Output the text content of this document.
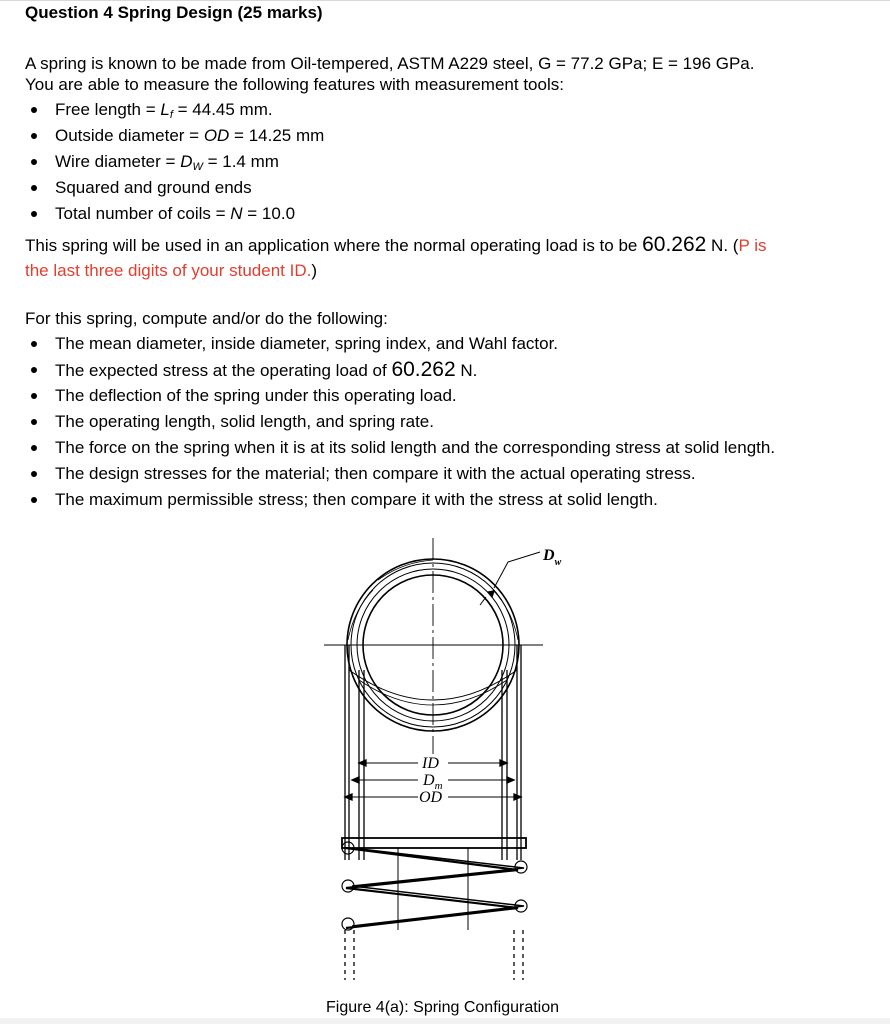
Question 4 Spring Design (25 marks)
A spring is known to be made from Oil-tempered, ASTM A229 steel, G = 77.2 GPa; E = 196 GPa.
You are able to measure the following features with measurement tools:
Free length = $L_f = 44.45$ mm.
Outside diameter = OD = 14.25 mm
Wire diameter = $D_W = 1.4$ mm
Squared and ground ends
Total number of coils = N = 10.0
This spring will be used in an application where the normal operating load is to be 60.262 N. (P is
the last three digits of your student ID.)
For this spring, compute and/or do the following:
The mean diameter, inside diameter, spring index, and Wahl factor.
The expected stress at the operating load of 60.262 N.
The deflection of the spring under this operating load.
The operating length, solid length, and spring rate.
The force on the spring when it is at its solid length and the corresponding stress at solid length.
The design stresses for the material; then compare it with the actual operating stress.
The maximum permissible stress; then compare it with the stress at solid length.
$D_w$
ID
$D_m$
OD
Figure 4(a): Spring Configuration
